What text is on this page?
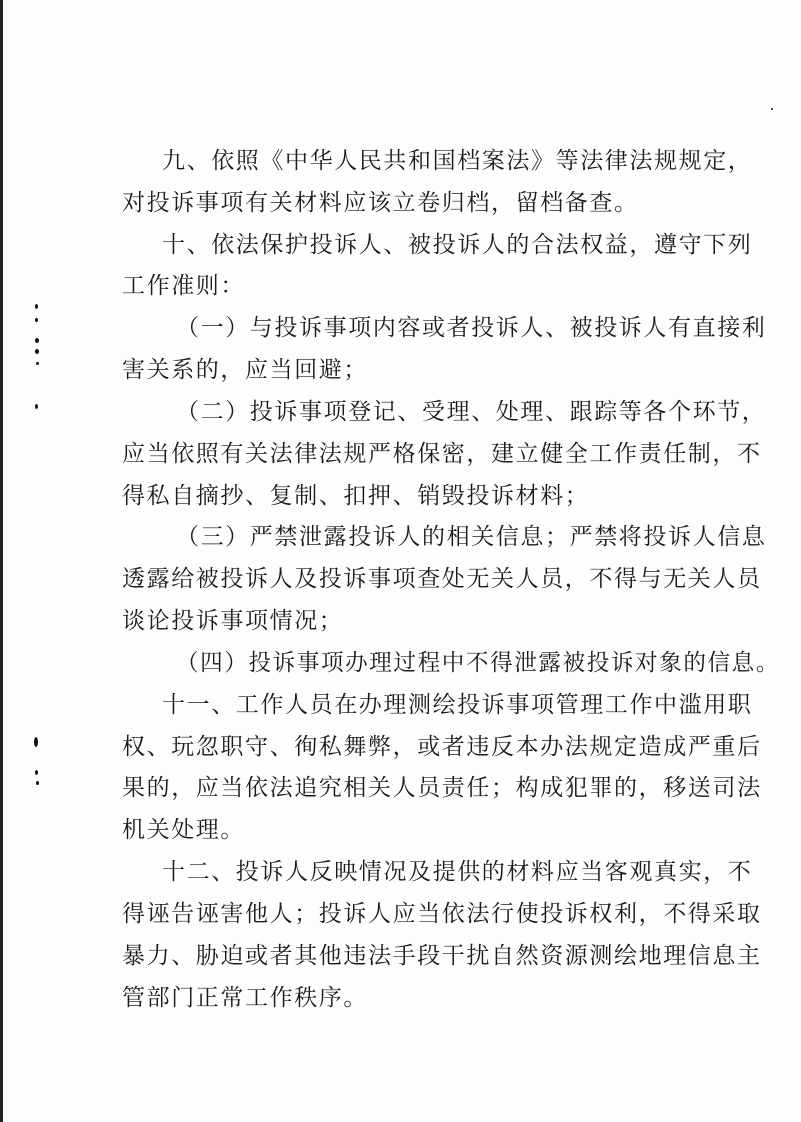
九、依照《中华人民共和国档案法》等法律法规规定，
对投诉事项有关材料应该立卷归档，留档备查。
十、依法保护投诉人、被投诉人的合法权益，遵守下列
工作准则：
（一）与投诉事项内容或者投诉人、被投诉人有直接利
害关系的，应当回避；
（二）投诉事项登记、受理、处理、跟踪等各个环节，
应当依照有关法律法规严格保密，建立健全工作责任制，不
得私自摘抄、复制、扣押、销毁投诉材料；
（三）严禁泄露投诉人的相关信息；严禁将投诉人信息
透露给被投诉人及投诉事项查处无关人员，不得与无关人员
谈论投诉事项情况；
（四）投诉事项办理过程中不得泄露被投诉对象的信息。
十一、工作人员在办理测绘投诉事项管理工作中滥用职
权、玩忽职守、徇私舞弊，或者违反本办法规定造成严重后
果的，应当依法追究相关人员责任；构成犯罪的，移送司法
机关处理。
十二、投诉人反映情况及提供的材料应当客观真实，不
得诬告诬害他人；投诉人应当依法行使投诉权利，不得采取
暴力、胁迫或者其他违法手段干扰自然资源测绘地理信息主
管部门正常工作秩序。
